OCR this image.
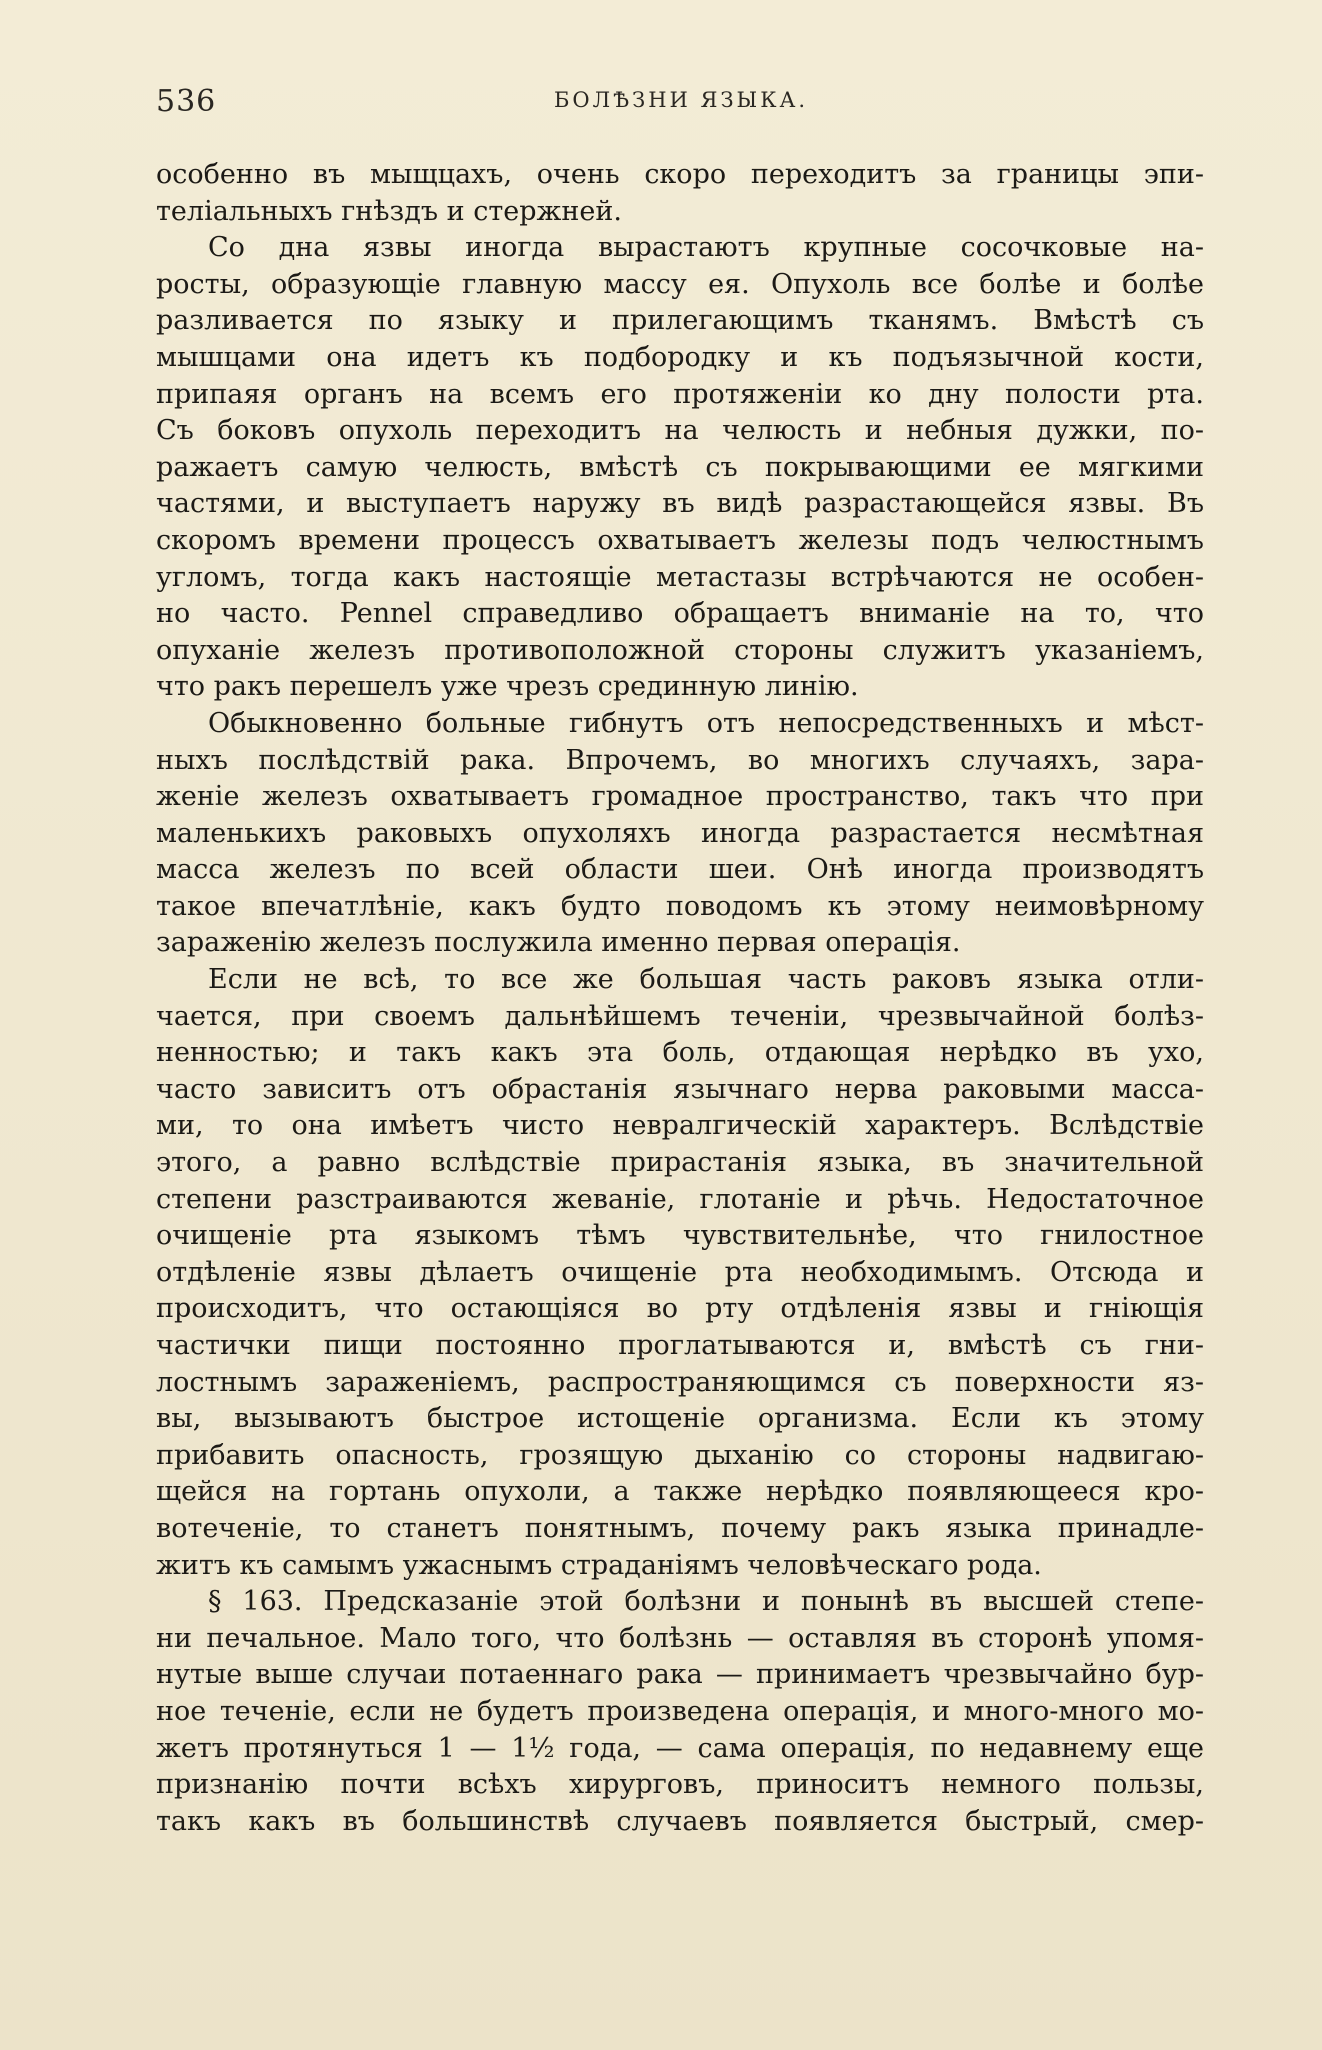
536	БОЛѢЗНИ ЯЗЫКА.
особенно въ мыщцахъ, очень скоро переходитъ за границы эпи-
теліальныхъ гнѣздъ и стержней.
Со дна язвы иногда вырастаютъ крупные сосочковые на-
росты, образующіе главную массу ея. Опухоль все болѣе и болѣе
разливается по языку и прилегающимъ тканямъ. Вмѣстѣ съ
мышцами она идетъ къ подбородку и къ подъязычной кости,
припаяя органъ на всемъ его протяженіи ко дну полости рта.
Съ боковъ опухоль переходитъ на челюсть и небныя дужки, по-
ражаетъ самую челюсть, вмѣстѣ съ покрывающими ее мягкими
частями, и выступаетъ наружу въ видѣ разрастающейся язвы. Въ
скоромъ времени процессъ охватываетъ железы подъ челюстнымъ
угломъ, тогда какъ настоящіе метастазы встрѣчаются не особен-
но часто. Pennel справедливо обращаетъ вниманіе на то, что
опуханіе железъ противоположной стороны служитъ указаніемъ,
что ракъ перешелъ уже чрезъ срединную линію.
Обыкновенно больные гибнутъ отъ непосредственныхъ и мѣст-
ныхъ послѣдствій рака. Впрочемъ, во многихъ случаяхъ, зара-
женіе железъ охватываетъ громадное пространство, такъ что при
маленькихъ раковыхъ опухоляхъ иногда разрастается несмѣтная
масса железъ по всей области шеи. Онѣ иногда производятъ
такое впечатлѣніе, какъ будто поводомъ къ этому неимовѣрному
зараженію железъ послужила именно первая операція.
Если не всѣ, то все же большая часть раковъ языка отли-
чается, при своемъ дальнѣйшемъ теченіи, чрезвычайной болѣз-
ненностью; и такъ какъ эта боль, отдающая нерѣдко въ ухо,
часто зависитъ отъ обрастанія язычнаго нерва раковыми масса-
ми, то она имѣетъ чисто невралгическій характеръ. Вслѣдствіе
этого, а равно вслѣдствіе прирастанія языка, въ значительной
степени разстраиваются жеваніе, глотаніе и рѣчь. Недостаточное
очищеніе рта языкомъ тѣмъ чувствительнѣе, что гнилостное
отдѣленіе язвы дѣлаетъ очищеніе рта необходимымъ. Отсюда и
происходитъ, что остающіяся во рту отдѣленія язвы и гніющія
частички пищи постоянно проглатываются и, вмѣстѣ съ гни-
лостнымъ зараженіемъ, распространяющимся съ поверхности яз-
вы, вызываютъ быстрое истощеніе организма. Если къ этому
прибавить опасность, грозящую дыханію со стороны надвигаю-
щейся на гортань опухоли, а также нерѣдко появляющееся кро-
вотеченіе, то станетъ понятнымъ, почему ракъ языка принадле-
житъ къ самымъ ужаснымъ страданіямъ человѣческаго рода.
§ 163. Предсказаніе этой болѣзни и понынѣ въ высшей степе-
ни печальное. Мало того, что болѣзнь — оставляя въ сторонѣ упомя-
нутые выше случаи потаеннаго рака — принимаетъ чрезвычайно бур-
ное теченіе, если не будетъ произведена операція, и много-много мо-
жетъ протянуться 1 — 1½ года, — сама операція, по недавнему еще
признанію почти всѣхъ хирурговъ, приноситъ немного пользы,
такъ какъ въ большинствѣ случаевъ появляется быстрый, смер-
